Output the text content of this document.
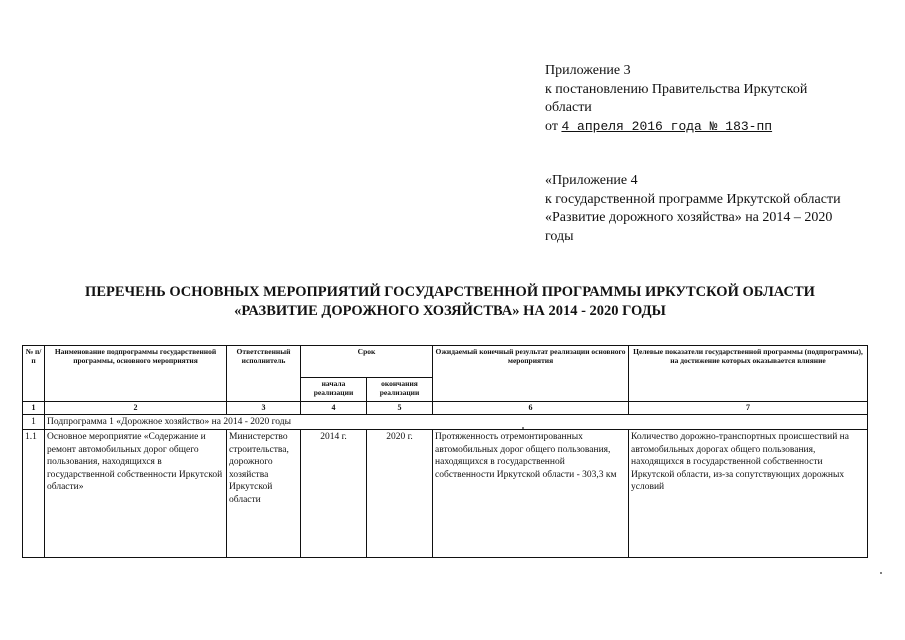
Приложение 3
к постановлению Правительства Иркутской
области
от 4 апреля 2016 года № 183-пп
«Приложение 4
к государственной программе Иркутской области
«Развитие дорожного хозяйства» на 2014 – 2020
годы
ПЕРЕЧЕНЬ ОСНОВНЫХ МЕРОПРИЯТИЙ ГОСУДАРСТВЕННОЙ ПРОГРАММЫ ИРКУТСКОЙ ОБЛАСТИ
«РАЗВИТИЕ ДОРОЖНОГО ХОЗЯЙСТВА» НА 2014 - 2020 ГОДЫ
№ п/п	Наименование подпрограммы государственной программы, основного мероприятия	Ответственный исполнитель	Срок		Ожидаемый конечный результат реализации основного мероприятия	Целевые показатели государственной программы (подпрограммы), на достижение которых оказывается влияние
			начала реализации	окончания реализации		
1	2	3	4	5	6	7
1	Подпрограмма 1 «Дорожное хозяйство» на 2014 - 2020 годы					
1.1	Основное мероприятие «Содержание и ремонт автомобильных дорог общего пользования, находящихся в государственной собственности Иркутской области»	Министерство строительства, дорожного хозяйства Иркутской области	2014 г.	2020 г.	Протяженность отремонтированных автомобильных дорог общего пользования, находящихся в государственной собственности Иркутской области - 303,3 км	Количество дорожно-транспортных происшествий на автомобильных дорогах общего пользования, находящихся в государственной собственности Иркутской области, из-за сопутствующих дорожных условий
